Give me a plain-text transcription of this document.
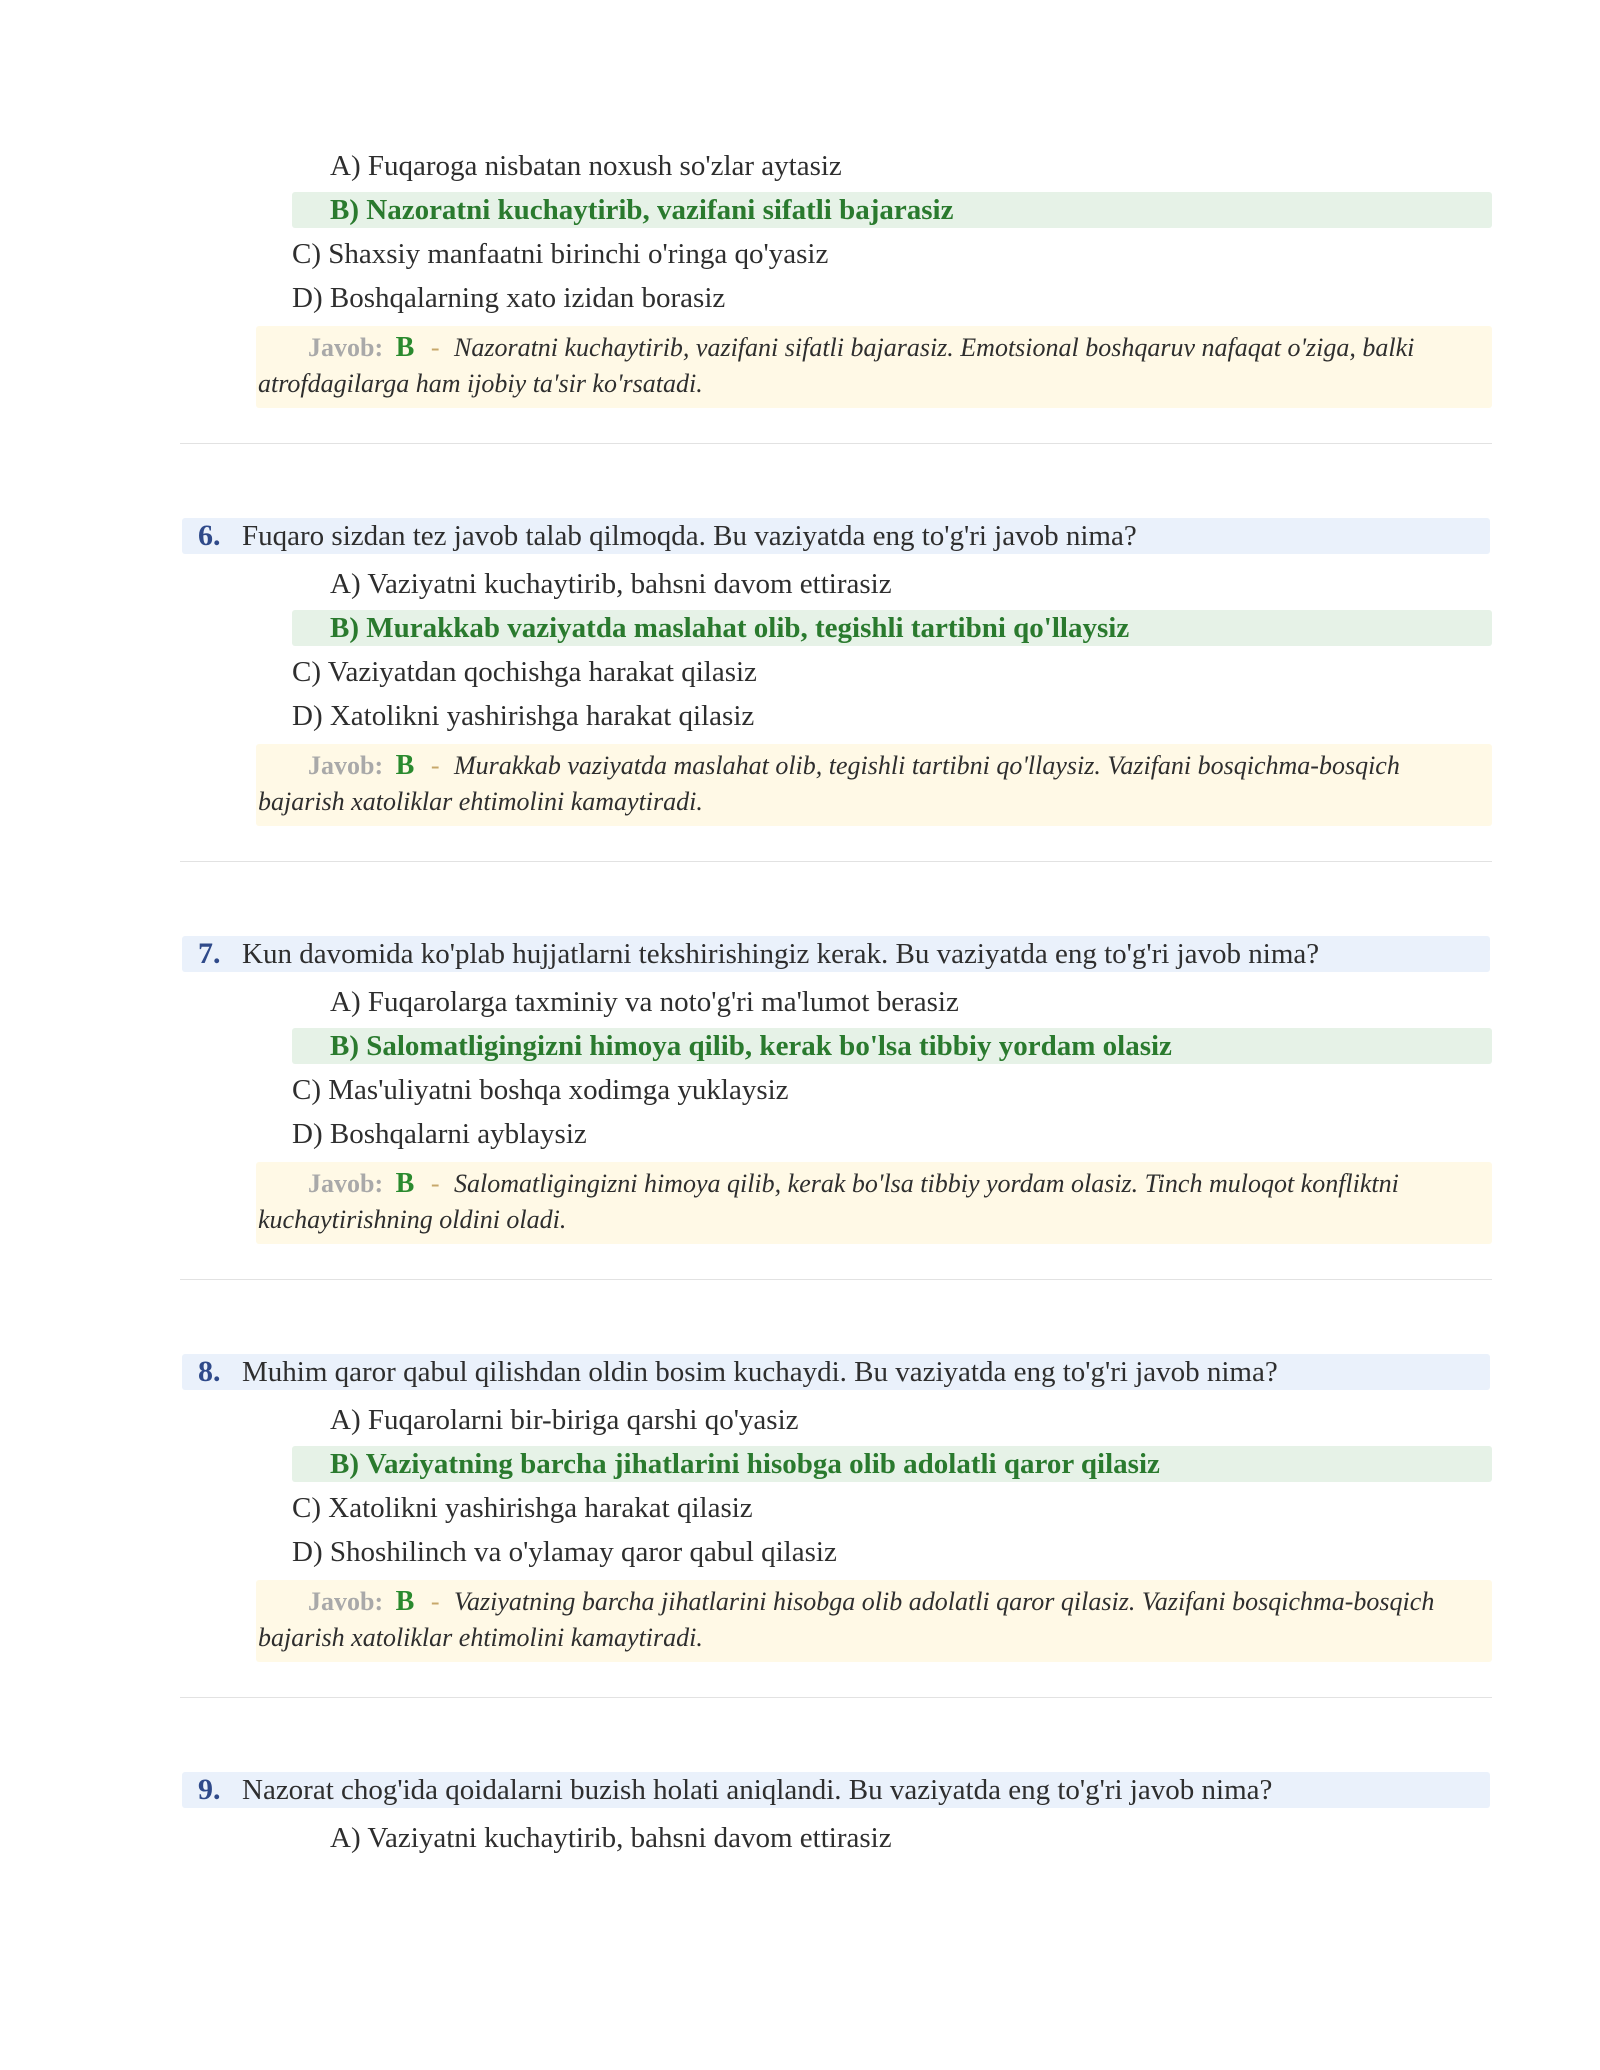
A) Fuqaroga nisbatan noxush so'zlar aytasiz
B) Nazoratni kuchaytirib, vazifani sifatli bajarasiz
C) Shaxsiy manfaatni birinchi o'ringa qo'yasiz
D) Boshqalarning xato izidan borasiz
Javob: B - Nazoratni kuchaytirib, vazifani sifatli bajarasiz. Emotsional boshqaruv nafaqat o'ziga, balki atrofdagilarga ham ijobiy ta'sir ko'rsatadi.
6. Fuqaro sizdan tez javob talab qilmoqda. Bu vaziyatda eng to'g'ri javob nima?
A) Vaziyatni kuchaytirib, bahsni davom ettirasiz
B) Murakkab vaziyatda maslahat olib, tegishli tartibni qo'llaysiz
C) Vaziyatdan qochishga harakat qilasiz
D) Xatolikni yashirishga harakat qilasiz
Javob: B - Murakkab vaziyatda maslahat olib, tegishli tartibni qo'llaysiz. Vazifani bosqichma-bosqich bajarish xatoliklar ehtimolini kamaytiradi.
7. Kun davomida ko'plab hujjatlarni tekshirishingiz kerak. Bu vaziyatda eng to'g'ri javob nima?
A) Fuqarolarga taxminiy va noto'g'ri ma'lumot berasiz
B) Salomatligingizni himoya qilib, kerak bo'lsa tibbiy yordam olasiz
C) Mas'uliyatni boshqa xodimga yuklaysiz
D) Boshqalarni ayblaysiz
Javob: B - Salomatligingizni himoya qilib, kerak bo'lsa tibbiy yordam olasiz. Tinch muloqot konfliktni kuchaytirishning oldini oladi.
8. Muhim qaror qabul qilishdan oldin bosim kuchaydi. Bu vaziyatda eng to'g'ri javob nima?
A) Fuqarolarni bir-biriga qarshi qo'yasiz
B) Vaziyatning barcha jihatlarini hisobga olib adolatli qaror qilasiz
C) Xatolikni yashirishga harakat qilasiz
D) Shoshilinch va o'ylamay qaror qabul qilasiz
Javob: B - Vaziyatning barcha jihatlarini hisobga olib adolatli qaror qilasiz. Vazifani bosqichma-bosqich bajarish xatoliklar ehtimolini kamaytiradi.
9. Nazorat chog'ida qoidalarni buzish holati aniqlandi. Bu vaziyatda eng to'g'ri javob nima?
A) Vaziyatni kuchaytirib, bahsni davom ettirasiz
